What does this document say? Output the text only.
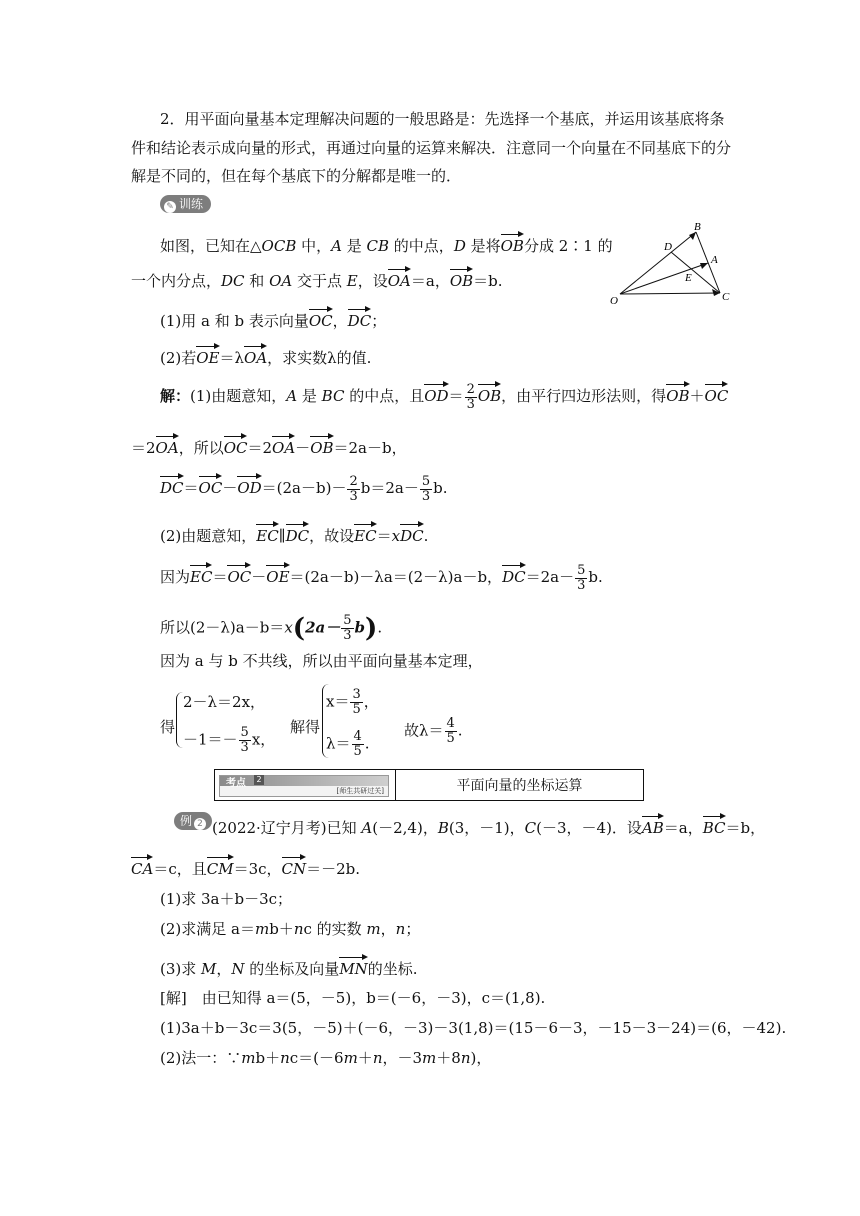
2．用平面向量基本定理解决问题的一般思路是：先选择一个基底，并运用该基底将条
件和结论表示成向量的形式，再通过向量的运算来解决．注意同一个向量在不同基底下的分
解是不同的，但在每个基底下的分解都是唯一的．
✎ 训练
如图，已知在△OCB 中，A 是 CB 的中点，D 是将OB分成 2∶1 的
一个内分点，DC 和 OA 交于点 E，设OA＝a，OB＝b.
(1)用 a 和 b 表示向量OC，DC；
(2)若OE＝λOA，求实数λ的值.
O
B
D
A
E
C
解：(1)由题意知，A 是 BC 的中点，且$OD= \frac{2}{3}$ OB，由平行四边形法则，得OB＋OC
＝2OA，所以OC＝2OA－OB＝2a－b，
$DC=OC-OD=(2a-b)- \frac{2}{3} b=2a- \frac{5}{3} b$.
(2)由题意知，EC∥DC，故设EC＝xDC.
因为EC＝OC－OE＝(2a－b)－λa＝(2－λ)a－b，$DC=2a- \frac{5}{3} b$.
所以$(2-\lambda)a-b=x(2a- \frac{5}{3} b)$.
因为 a 与 b 不共线，所以由平面向量基本定理，
得
2－λ＝2x，
$-1=- \frac{5}{3}$ x，
解得
$x= \frac{3}{5}$ ，
$\lambda= \frac{4}{5}$ .
故$\lambda= \frac{4}{5}$ .
考点	2
[师生共研过关]	平面向量的坐标运算
例 2 (2022·辽宁月考)已知 A(－2,4)，B(3，－1)，C(－3，－4)．设AB＝a，BC＝b，
CA＝c，且CM＝3c，CN＝－2b.
(1)求 3a＋b－3c；
(2)求满足 a＝mb＋nc 的实数 m，n；
(3)求 M，N 的坐标及向量MN的坐标.
[解]　由已知得 a＝(5，－5)，b＝(－6，－3)，c＝(1,8).
(1)3a＋b－3c＝3(5，－5)＋(－6，－3)－3(1,8)＝(15－6－3，－15－3－24)＝(6，－42).
(2)法一：∵mb＋nc＝(－6m＋n，－3m＋8n)，
